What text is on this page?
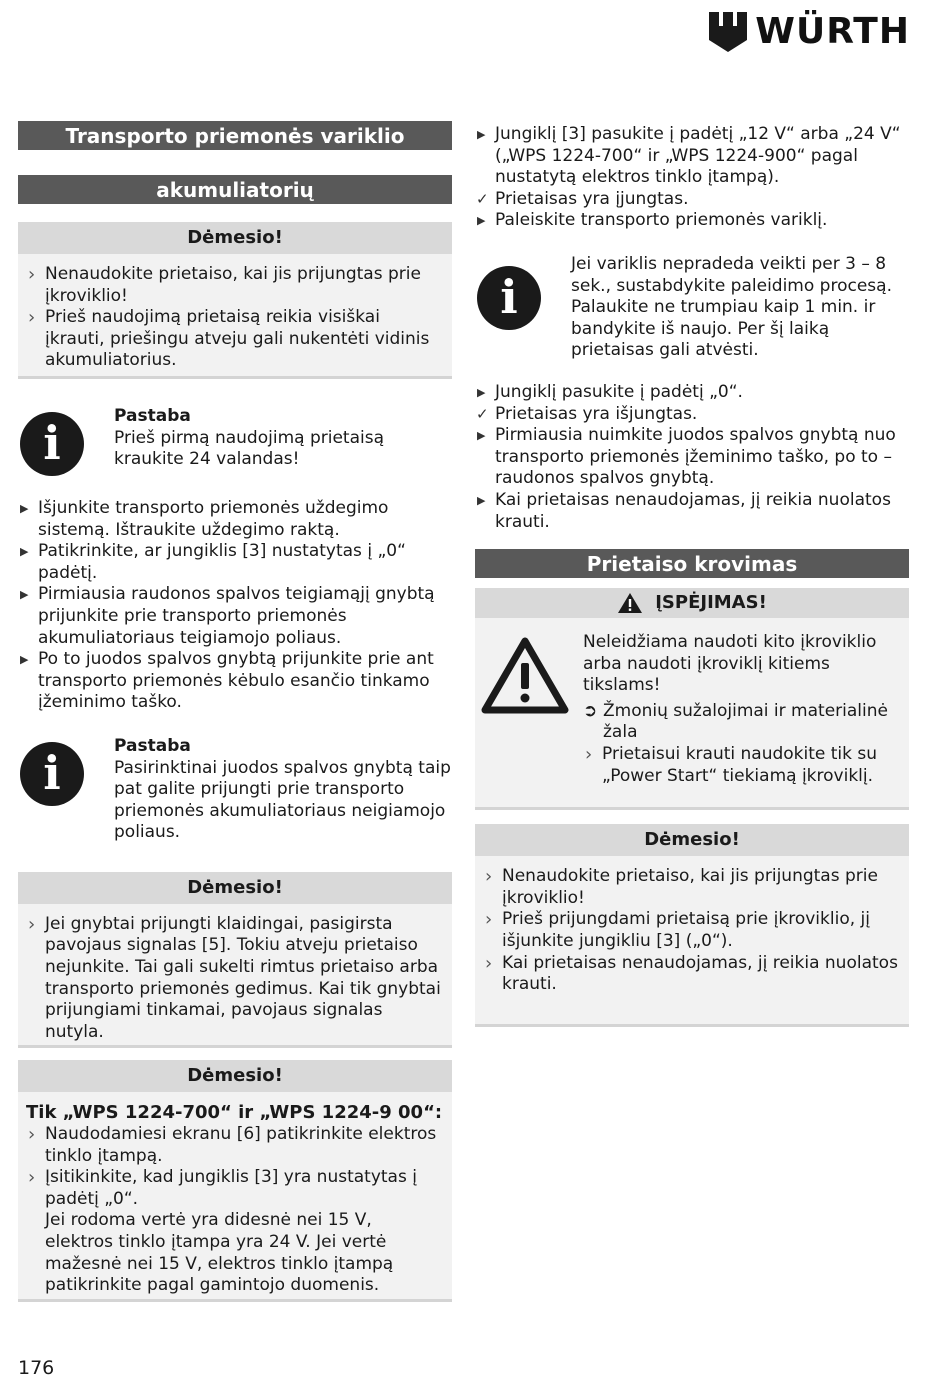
WÜRTH
Transporto priemonės variklio
akumuliatorių
Dėmesio!
› Nenaudokite prietaiso, kai jis prijungtas prie įkroviklio!
› Prieš naudojimą prietaisą reikia visiškai įkrauti, priešingu atveju gali nukentėti vidinis akumuliatorius.
i
Pastaba
Prieš pirmą naudojimą prietaisą kraukite 24 valandas!
▶ Išjunkite transporto priemonės uždegimo sistemą. Ištraukite uždegimo raktą.
▶ Patikrinkite, ar jungiklis [3] nustatytas į „0“ padėtį.
▶ Pirmiausia raudonos spalvos teigiamąjį gnybtą prijunkite prie transporto priemonės akumuliatoriaus teigiamojo poliaus.
▶ Po to juodos spalvos gnybtą prijunkite prie ant transporto priemonės kėbulo esančio tinkamo įžeminimo taško.
i
Pastaba
Pasirinktinai juodos spalvos gnybtą taip pat galite prijungti prie transporto priemonės akumuliatoriaus neigiamojo poliaus.
Dėmesio!
› Jei gnybtai prijungti klaidingai, pasigirsta pavojaus signalas [5]. Tokiu atveju prietaiso nejunkite. Tai gali sukelti rimtus prietaiso arba transporto priemonės gedimus. Kai tik gnybtai prijungiami tinkamai, pavojaus signalas nutyla.
Dėmesio!
Tik „WPS 1224-700“ ir „WPS 1224-9 00“:
› Naudodamiesi ekranu [6] patikrinkite elektros tinklo įtampą.
› Įsitikinkite, kad jungiklis [3] yra nustatytas į padėtį „0“.
Jei rodoma vertė yra didesnė nei 15 V, elektros tinklo įtampa yra 24 V. Jei vertė mažesnė nei 15 V, elektros tinklo įtampą patikrinkite pagal gamintojo duomenis.
▶ Jungiklį [3] pasukite į padėtį „12 V“ arba „24 V“ („WPS 1224-700“ ir „WPS 1224-900“ pagal nustatytą elektros tinklo įtampą).
✓ Prietaisas yra įjungtas.
▶ Paleiskite transporto priemonės variklį.
i
Jei variklis nepradeda veikti per 3 – 8 sek., sustabdykite paleidimo procesą. Palaukite ne trumpiau kaip 1 min. ir bandykite iš naujo. Per šį laiką prietaisas gali atvėsti.
▶ Jungiklį pasukite į padėtį „0“.
✓ Prietaisas yra išjungtas.
▶ Pirmiausia nuimkite juodos spalvos gnybtą nuo transporto priemonės įžeminimo taško, po to – raudonos spalvos gnybtą.
▶ Kai prietaisas nenaudojamas, jį reikia nuolatos krauti.
Prietaiso krovimas
ĮSPĖJIMAS!
Neleidžiama naudoti kito įkroviklio arba naudoti įkroviklį kitiems tikslams!
➲ Žmonių sužalojimai ir materialinė žala
› Prietaisui krauti naudokite tik su „Power Start“ tiekiamą įkroviklį.
Dėmesio!
› Nenaudokite prietaiso, kai jis prijungtas prie įkroviklio!
› Prieš prijungdami prietaisą prie įkroviklio, jį išjunkite jungikliu [3] („0“).
› Kai prietaisas nenaudojamas, jį reikia nuolatos krauti.
176
